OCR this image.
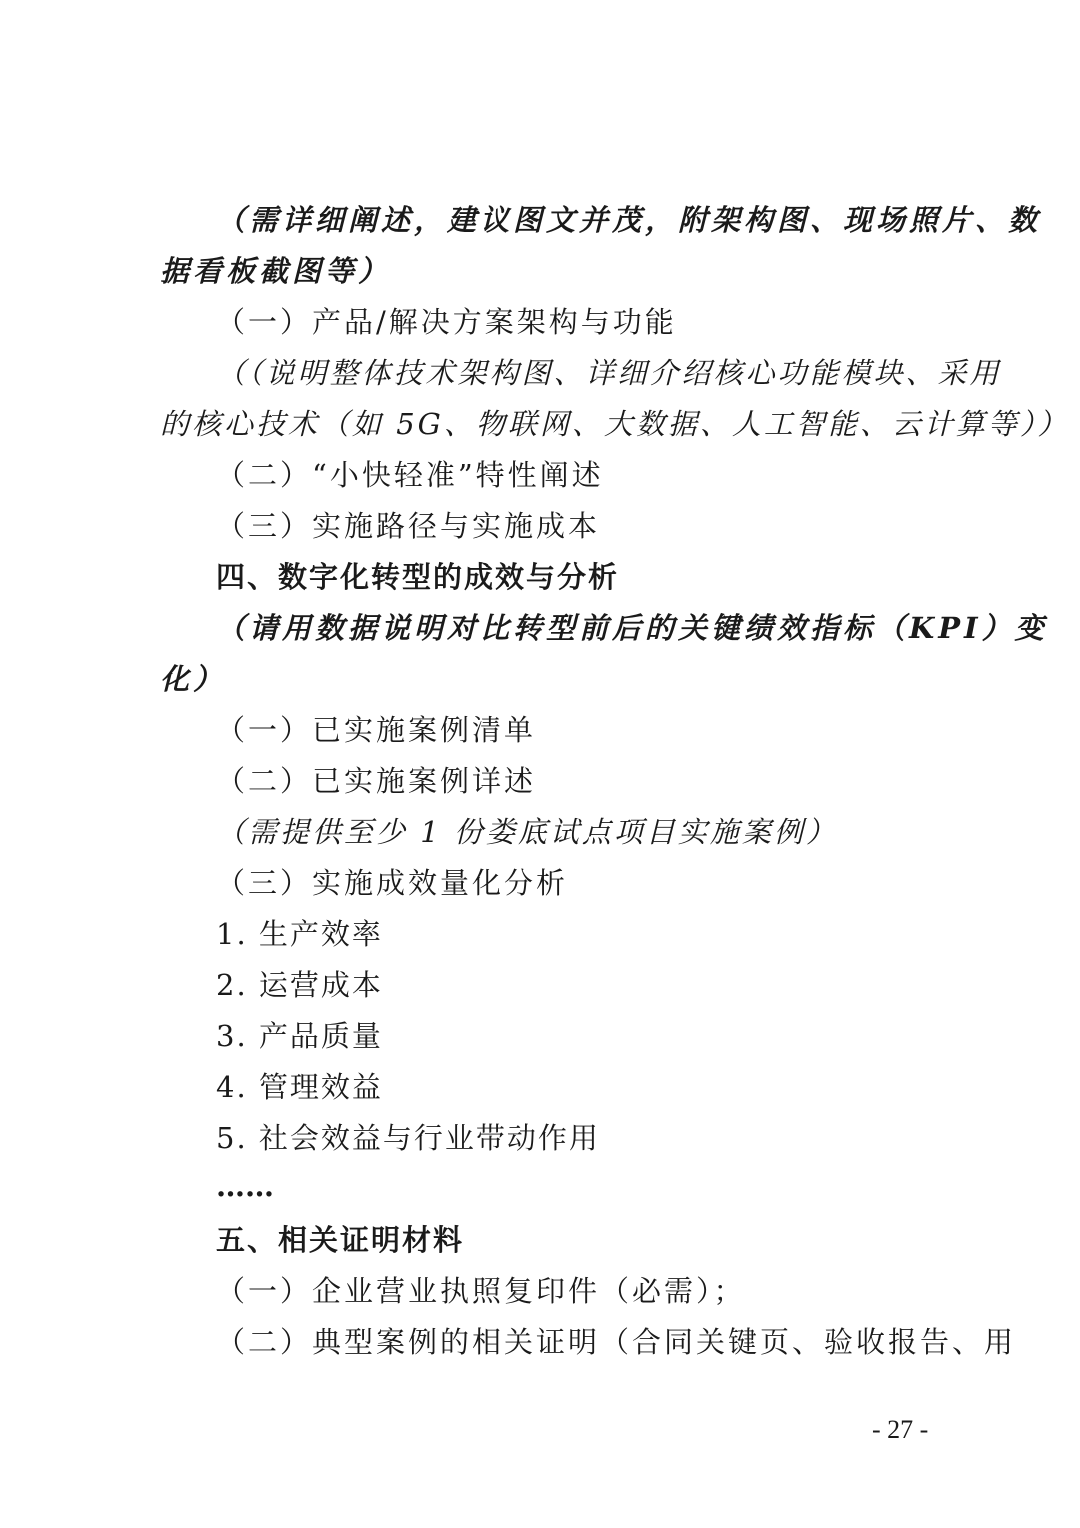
（需详细阐述，建议图文并茂，附架构图、现场照片、数
据看板截图等）
（一）产品/解决方案架构与功能
（（说明整体技术架构图、详细介绍核心功能模块、采用
的核心技术（如 5G、物联网、大数据、人工智能、云计算等））
（二）“小快轻准”特性阐述
（三）实施路径与实施成本
四、数字化转型的成效与分析
（请用数据说明对比转型前后的关键绩效指标（KPI）变
化）
（一）已实施案例清单
（二）已实施案例详述
（需提供至少 1 份娄底试点项目实施案例）
（三）实施成效量化分析
1. 生产效率
2. 运营成本
3. 产品质量
4. 管理效益
5. 社会效益与行业带动作用
……
五、相关证明材料
（一）企业营业执照复印件（必需）；
（二）典型案例的相关证明（合同关键页、验收报告、用
- 27 -
